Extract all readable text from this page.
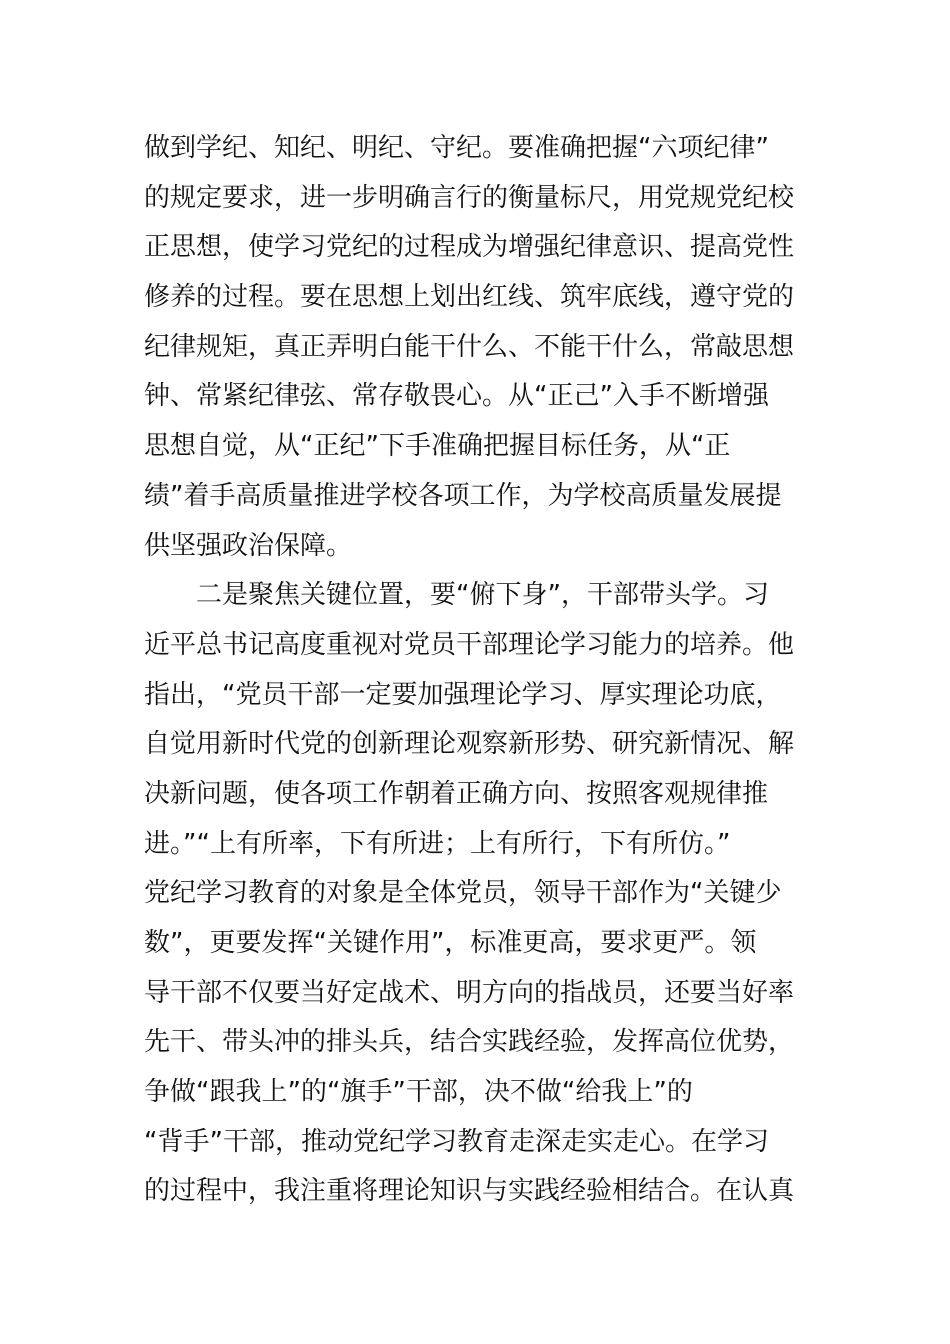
做到学纪、知纪、明纪、守纪。要准确把握“六项纪律”
的规定要求，进一步明确言行的衡量标尺，用党规党纪校
正思想，使学习党纪的过程成为增强纪律意识、提高党性
修养的过程。要在思想上划出红线、筑牢底线，遵守党的
纪律规矩，真正弄明白能干什么、不能干什么，常敲思想
钟、常紧纪律弦、常存敬畏心。从“正己”入手不断增强
思想自觉，从“正纪”下手准确把握目标任务，从“正
绩”着手高质量推进学校各项工作，为学校高质量发展提
供坚强政治保障。
二是聚焦关键位置，要“俯下身”，干部带头学。习
近平总书记高度重视对党员干部理论学习能力的培养。他
指出，“党员干部一定要加强理论学习、厚实理论功底，
自觉用新时代党的创新理论观察新形势、研究新情况、解
决新问题，使各项工作朝着正确方向、按照客观规律推
进。”“上有所率，下有所进；上有所行，下有所仿。”
党纪学习教育的对象是全体党员，领导干部作为“关键少
数”，更要发挥“关键作用”，标准更高，要求更严。领
导干部不仅要当好定战术、明方向的指战员，还要当好率
先干、带头冲的排头兵，结合实践经验，发挥高位优势，
争做“跟我上”的“旗手”干部，决不做“给我上”的
“背手”干部，推动党纪学习教育走深走实走心。在学习
的过程中，我注重将理论知识与实践经验相结合。在认真
